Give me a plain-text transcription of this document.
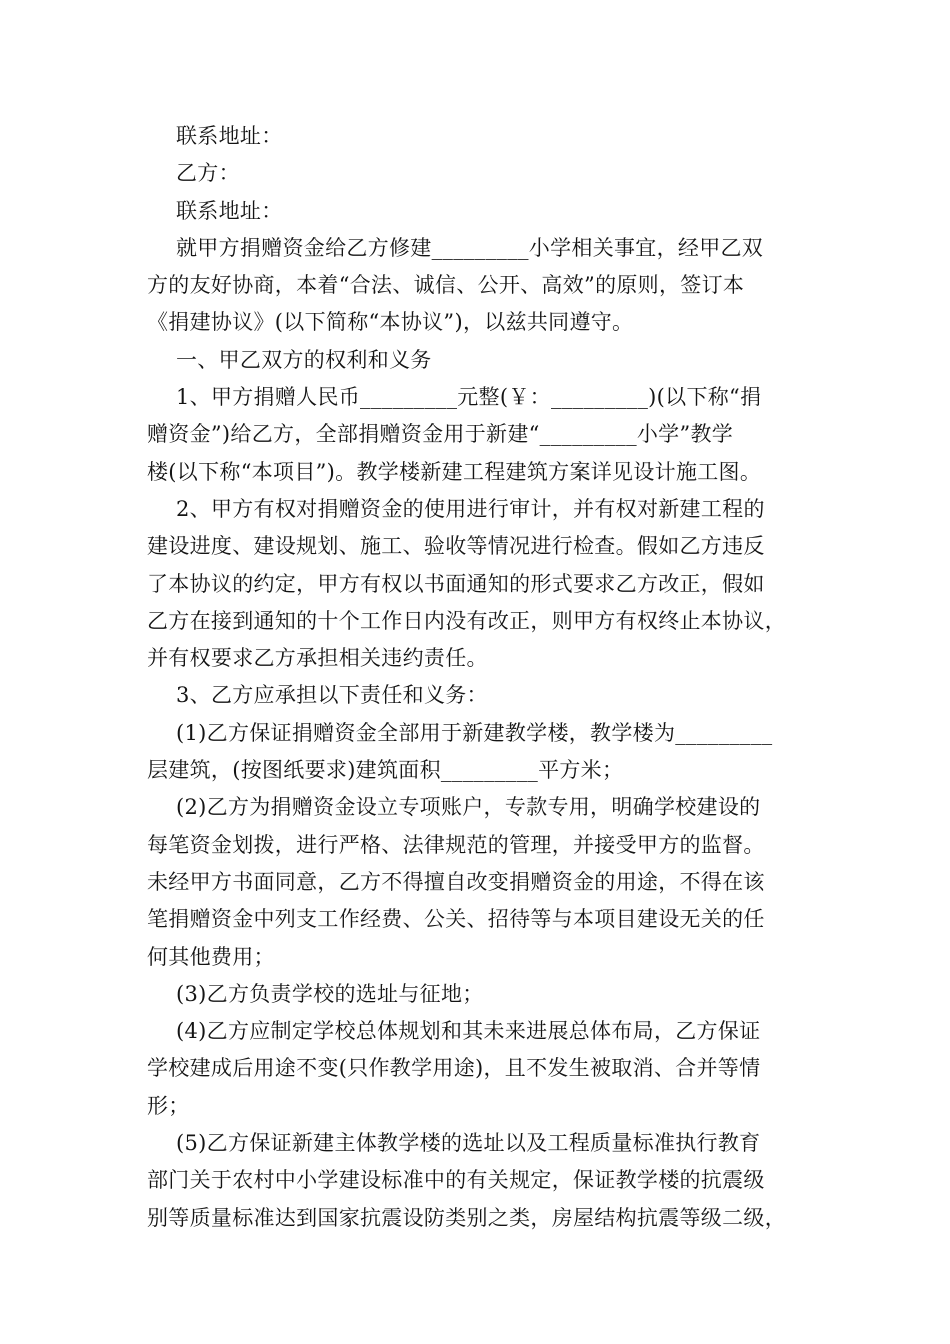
联系地址：
乙方：
联系地址：
就甲方捐赠资金给乙方修建_________小学相关事宜，经甲乙双
方的友好协商，本着“合法、诚信、公开、高效”的原则，签订本
《捐建协议》(以下简称“本协议”)，以兹共同遵守。
一、甲乙双方的权利和义务
1、甲方捐赠人民币_________元整(￥：_________)(以下称“捐
赠资金”)给乙方，全部捐赠资金用于新建“_________小学”教学
楼(以下称“本项目”)。教学楼新建工程建筑方案详见设计施工图。
2、甲方有权对捐赠资金的使用进行审计，并有权对新建工程的
建设进度、建设规划、施工、验收等情况进行检查。假如乙方违反
了本协议的约定，甲方有权以书面通知的形式要求乙方改正，假如
乙方在接到通知的十个工作日内没有改正，则甲方有权终止本协议，
并有权要求乙方承担相关违约责任。
3、乙方应承担以下责任和义务：
(1)乙方保证捐赠资金全部用于新建教学楼，教学楼为_________
层建筑，(按图纸要求)建筑面积_________平方米；
(2)乙方为捐赠资金设立专项账户，专款专用，明确学校建设的
每笔资金划拨，进行严格、法律规范的管理，并接受甲方的监督。
未经甲方书面同意，乙方不得擅自改变捐赠资金的用途，不得在该
笔捐赠资金中列支工作经费、公关、招待等与本项目建设无关的任
何其他费用；
(3)乙方负责学校的选址与征地；
(4)乙方应制定学校总体规划和其未来进展总体布局，乙方保证
学校建成后用途不变(只作教学用途)，且不发生被取消、合并等情
形；
(5)乙方保证新建主体教学楼的选址以及工程质量标准执行教育
部门关于农村中小学建设标准中的有关规定，保证教学楼的抗震级
别等质量标准达到国家抗震设防类别之类，房屋结构抗震等级二级，
